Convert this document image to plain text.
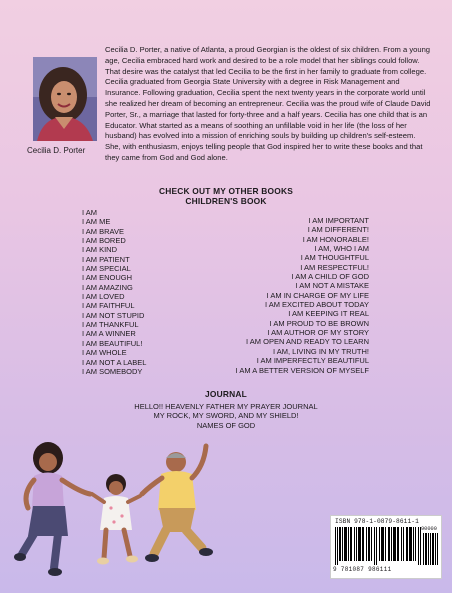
Cecilia D. Porter

Cecilia D. Porter, a native of Atlanta, a proud Georgian is the oldest of six children. From a young age, Cecilia embraced hard work and desired to be a role model that her siblings could follow. That desire was the catalyst that led Cecilia to be the first in her family to graduate from college. Cecilia graduated from Georgia State University with a degree in Risk Management and Insurance. Following graduation, Cecilia spent the next twenty years in the corporate world until she realized her dream of becoming an entrepreneur. Cecilia was the proud wife of Claude David Porter, Sr., a marriage that lasted for forty-three and a half years. Cecilia has one child that is an Educator. What started as a means of soothing an unfillable void in her life (the loss of her husband) has evolved into a mission of enriching souls by building up children's self-esteem. She, with enthusiasm, enjoys telling people that God inspired her to write these books and that they came from God and God alone.

CHECK OUT MY OTHER BOOKS
CHILDREN'S BOOK
I AM
I AM ME
I AM BRAVE
I AM BORED
I AM KIND
I AM PATIENT
I AM SPECIAL
I AM ENOUGH
I AM AMAZING
I AM LOVED
I AM FAITHFUL
I AM NOT STUPID
I AM THANKFUL
I AM A WINNER
I AM BEAUTIFUL!
I AM WHOLE
I AM NOT A LABEL
I AM SOMEBODY
I AM IMPORTANT
I AM DIFFERENT!
I AM HONORABLE!
I AM, WHO I AM
I AM THOUGHTFUL
I AM RESPECTFUL!
I AM A CHILD OF GOD
I AM NOT A MISTAKE
I AM IN CHARGE OF MY LIFE
I AM EXCITED ABOUT TODAY
I AM KEEPING IT REAL
I AM PROUD TO BE BROWN
I AM AUTHOR OF MY STORY
I AM OPEN AND READY TO LEARN
I AM, LIVING IN MY TRUTH!
I AM IMPERFECTLY BEAUTIFUL
I AM A BETTER VERSION OF MYSELF
JOURNAL
HELLO!! HEAVENLY FATHER MY PRAYER JOURNAL
MY ROCK, MY SWORD, AND MY SHIELD!
NAMES OF GOD
ISBN 978-1-0879-8611-1
90000
9 781087 986111
